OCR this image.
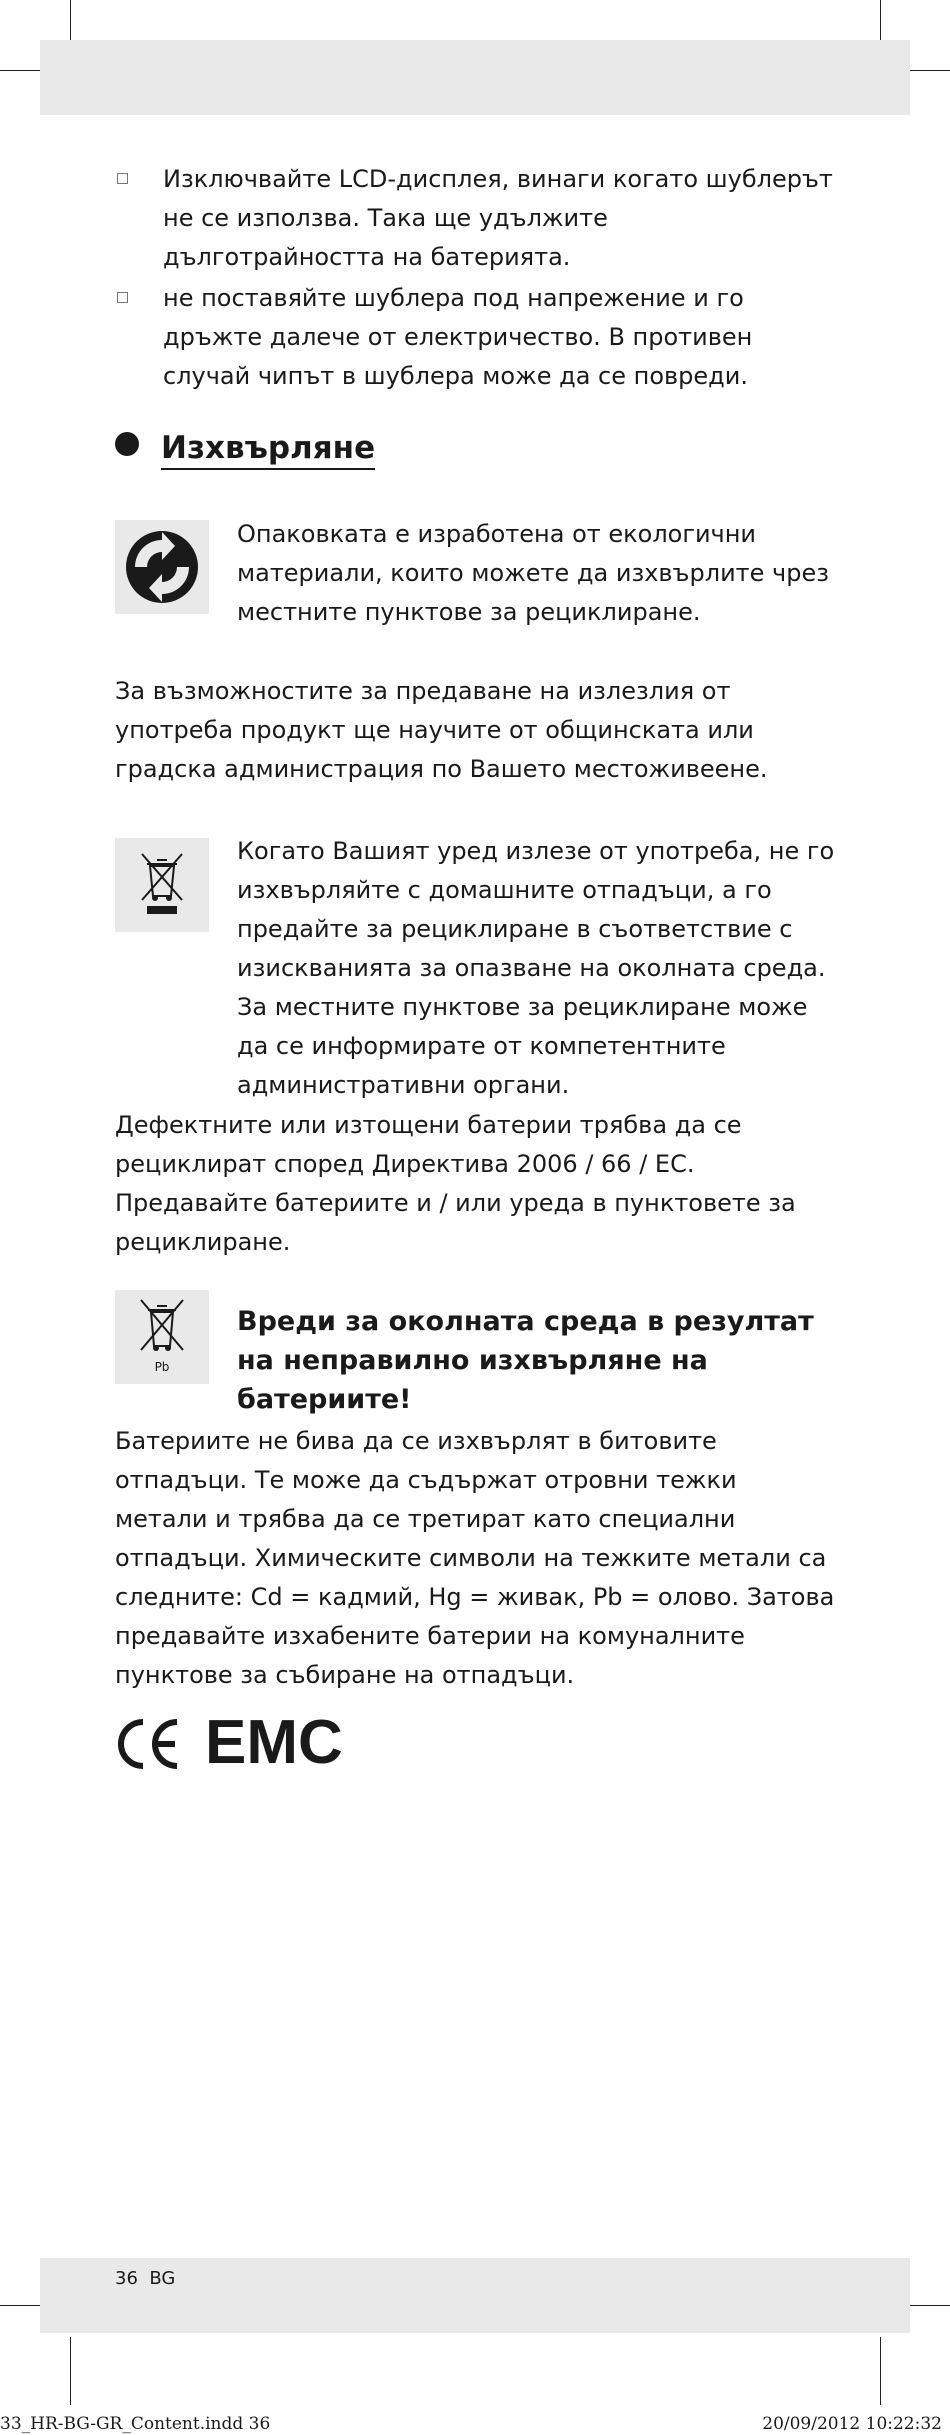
Изключвайте LCD-дисплея, винаги когато шублерът не се използва. Така ще удължите дълготрайността на батерията.

не поставяйте шублера под напрежение и го дръжте далече от електричество. В противен случай чипът в шублера може да се повреди.

Изхвърляне

Опаковката е изработена от екологични материали, които можете да изхвърлите чрез местните пунктове за рециклиране.

За възможностите за предаване на излезлия от употреба продукт ще научите от общинската или градска администрация по Вашето местоживеене.

Когато Вашият уред излезе от употреба, не го изхвърляйте с домашните отпадъци, а го предайте за рециклиране в съответствие с изискванията за опазване на околната среда. За местните пунктове за рециклиране може да се информирате от компетентните административни органи.

Дефектните или изтощени батерии трябва да се рециклират според Директива 2006 / 66 / EC. Предавайте батериите и / или уреда в пунктовете за рециклиране.

Pb

Вреди за околната среда в резултат на неправилно изхвърляне на батериите!

Батериите не бива да се изхвърлят в битовите отпадъци. Те може да съдържат отровни тежки метали и трябва да се третират като специални отпадъци. Химическите символи на тежките метали са следните: Cd = кадмий, Hg = живак, Pb = олово. Затова предавайте изхабените батерии на комуналните пунктове за събиране на отпадъци.

EMC
36 BG
33_HR-BG-GR_Content.indd 36	20/09/2012 10:22:32
